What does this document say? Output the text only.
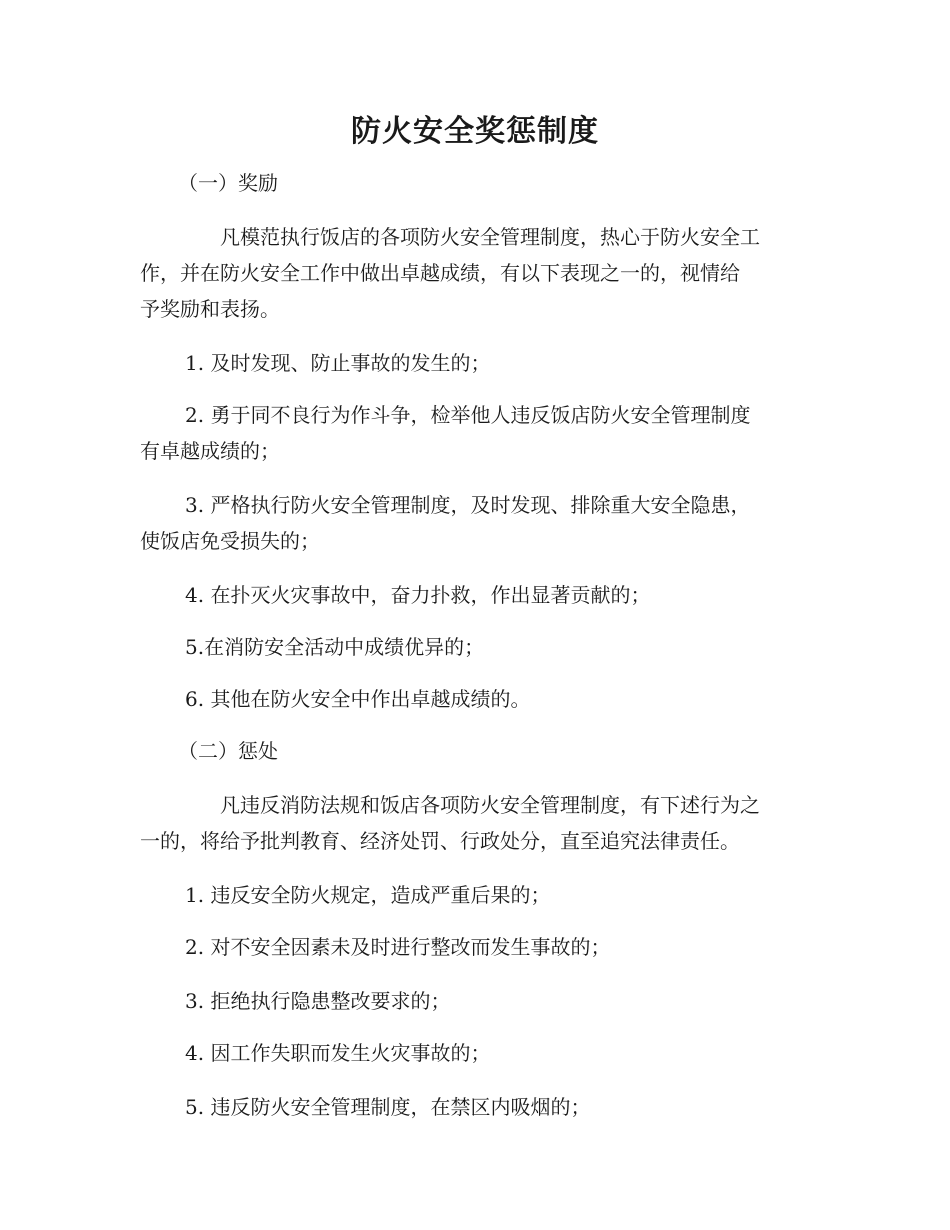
防火安全奖惩制度
（一）奖励
凡模范执行饭店的各项防火安全管理制度，热心于防火安全工
作，并在防火安全工作中做出卓越成绩，有以下表现之一的，视情给
予奖励和表扬。
1. 及时发现、防止事故的发生的；
2. 勇于同不良行为作斗争，检举他人违反饭店防火安全管理制度
有卓越成绩的；
3. 严格执行防火安全管理制度，及时发现、排除重大安全隐患，
使饭店免受损失的；
4. 在扑灭火灾事故中，奋力扑救，作出显著贡献的；
5.在消防安全活动中成绩优异的；
6. 其他在防火安全中作出卓越成绩的。
（二）惩处
凡违反消防法规和饭店各项防火安全管理制度，有下述行为之
一的，将给予批判教育、经济处罚、行政处分，直至追究法律责任。
1. 违反安全防火规定，造成严重后果的；
2. 对不安全因素未及时进行整改而发生事故的；
3. 拒绝执行隐患整改要求的；
4. 因工作失职而发生火灾事故的；
5. 违反防火安全管理制度，在禁区内吸烟的；
